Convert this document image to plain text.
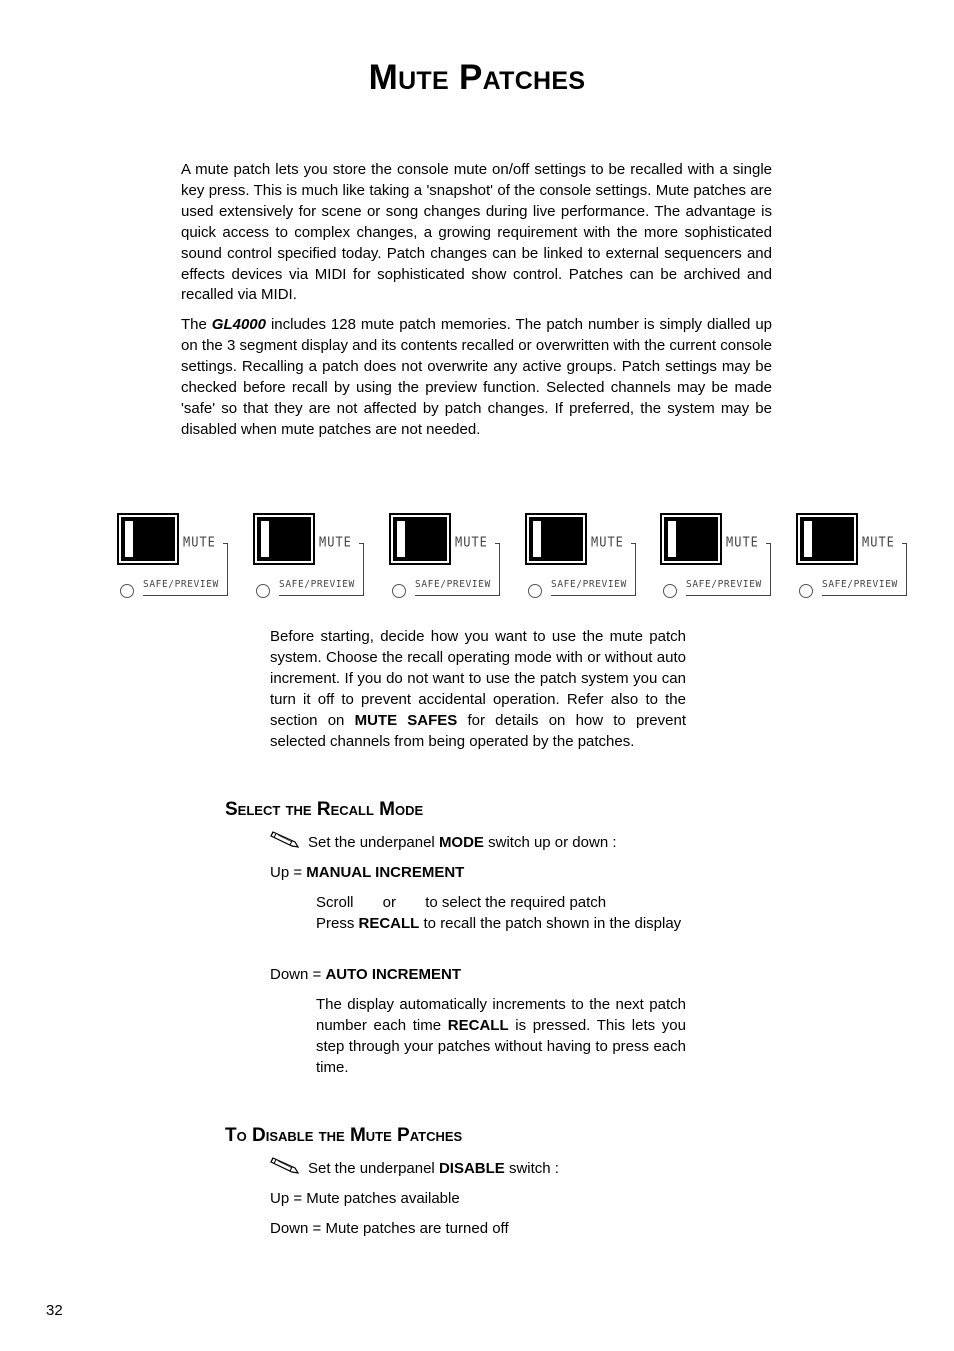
Mute Patches
A mute patch lets you store the console mute on/off settings to be recalled with a single key press. This is much like taking a 'snapshot' of the console settings. Mute patches are used extensively for scene or song changes during live performance. The advantage is quick access to complex changes, a growing requirement with the more sophisticated sound control specified today. Patch changes can be linked to external sequencers and effects devices via MIDI for sophisticated show control. Patches can be archived and recalled via MIDI.
The GL4000 includes 128 mute patch memories. The patch number is simply dialled up on the 3 segment display and its contents recalled or overwritten with the current console settings. Recalling a patch does not overwrite any active groups. Patch settings may be checked before recall by using the preview function. Selected channels may be made 'safe' so that they are not affected by patch changes. If preferred, the system may be disabled when mute patches are not needed.
MUTE
SAFE/PREVIEW
MUTE
SAFE/PREVIEW
MUTE
SAFE/PREVIEW
MUTE
SAFE/PREVIEW
MUTE
SAFE/PREVIEW
MUTE
SAFE/PREVIEW
Before starting, decide how you want to use the mute patch system. Choose the recall operating mode with or without auto increment. If you do not want to use the patch system you can turn it off to prevent accidental operation. Refer also to the section on MUTE SAFES for details on how to prevent selected channels from being operated by the patches.
Select the Recall Mode
Set the underpanel MODE switch up or down :
Up = MANUAL INCREMENT
Scroll       or       to select the required patch
Press RECALL to recall the patch shown in the display
Down = AUTO INCREMENT
The display automatically increments to the next patch number each time RECALL is pressed. This lets you step through your patches without having to press each time.
To Disable the Mute Patches
Set the underpanel DISABLE switch :
Up = Mute patches available
Down = Mute patches are turned off
32
